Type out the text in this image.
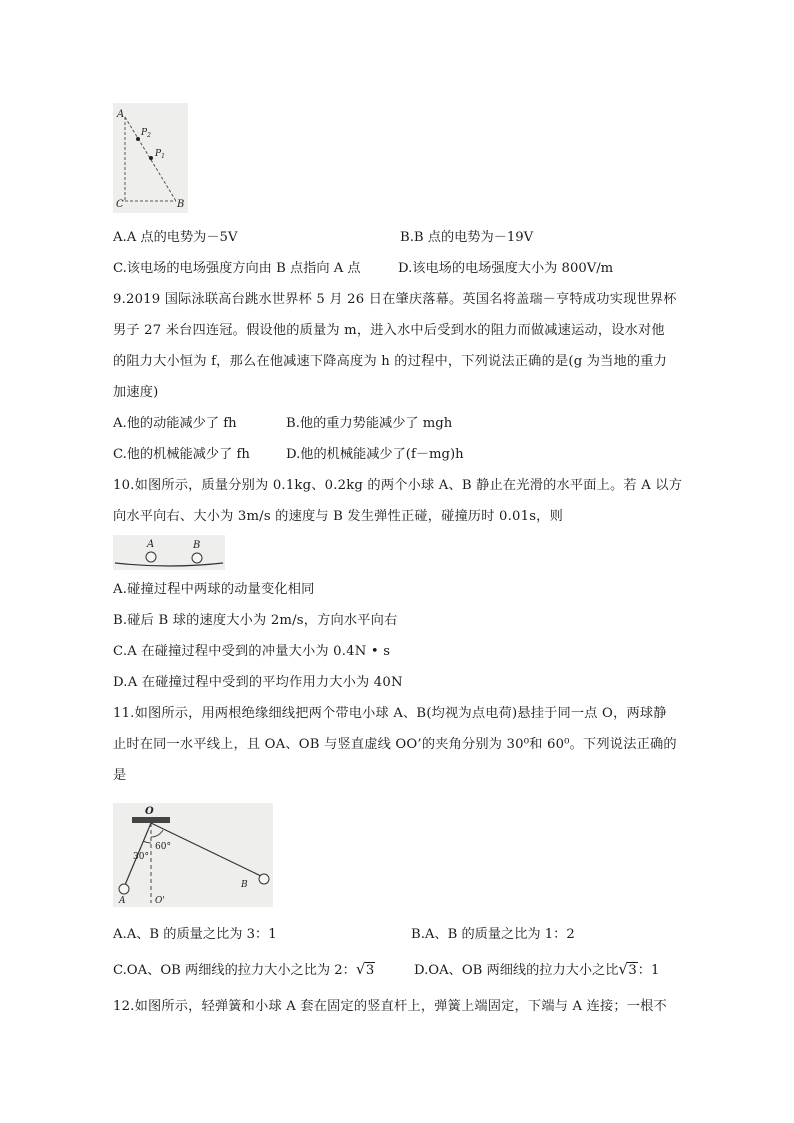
A
$P_2$
$P_1$
C	B
A.A 点的电势为－5V	B.B 点的电势为－19V
C.该电场的电场强度方向由 B 点指向 A 点	D.该电场的电场强度大小为 800V/m
9.2019 国际泳联高台跳水世界杯 5 月 26 日在肇庆落幕。英国名将盖瑞－亨特成功实现世界杯
男子 27 米台四连冠。假设他的质量为 m，进入水中后受到水的阻力而做减速运动，设水对他
的阻力大小恒为 f，那么在他减速下降高度为 h 的过程中，下列说法正确的是(g 为当地的重力
加速度)
A.他的动能减少了 fh	B.他的重力势能减少了 mgh
C.他的机械能减少了 fh	D.他的机械能减少了(f－mg)h
10.如图所示，质量分别为 0.1kg、0.2kg 的两个小球 A、B 静止在光滑的水平面上。若 A 以方
向水平向右、大小为 3m/s 的速度与 B 发生弹性正碰，碰撞历时 0.01s，则
A	B
A.碰撞过程中两球的动量变化相同
B.碰后 B 球的速度大小为 2m/s，方向水平向右
C.A 在碰撞过程中受到的冲量大小为 0.4N • s
D.A 在碰撞过程中受到的平均作用力大小为 40N
11.如图所示，用两根绝缘细线把两个带电小球 A、B(均视为点电荷)悬挂于同一点 O，两球静
止时在同一水平线上，且 OA、OB 与竖直虚线 OO’的夹角分别为 30⁰和 60⁰。下列说法正确的
是
O
60°
30°
A	O'
B
A.A、B 的质量之比为 3：1	B.A、B 的质量之比为 1：2
C.OA、OB 两细线的拉力大小之比为 2： √ 3	D.OA、OB 两细线的拉力大小之比 √ 3：1
12.如图所示，轻弹簧和小球 A 套在固定的竖直杆上，弹簧上端固定，下端与 A 连接；一根不
